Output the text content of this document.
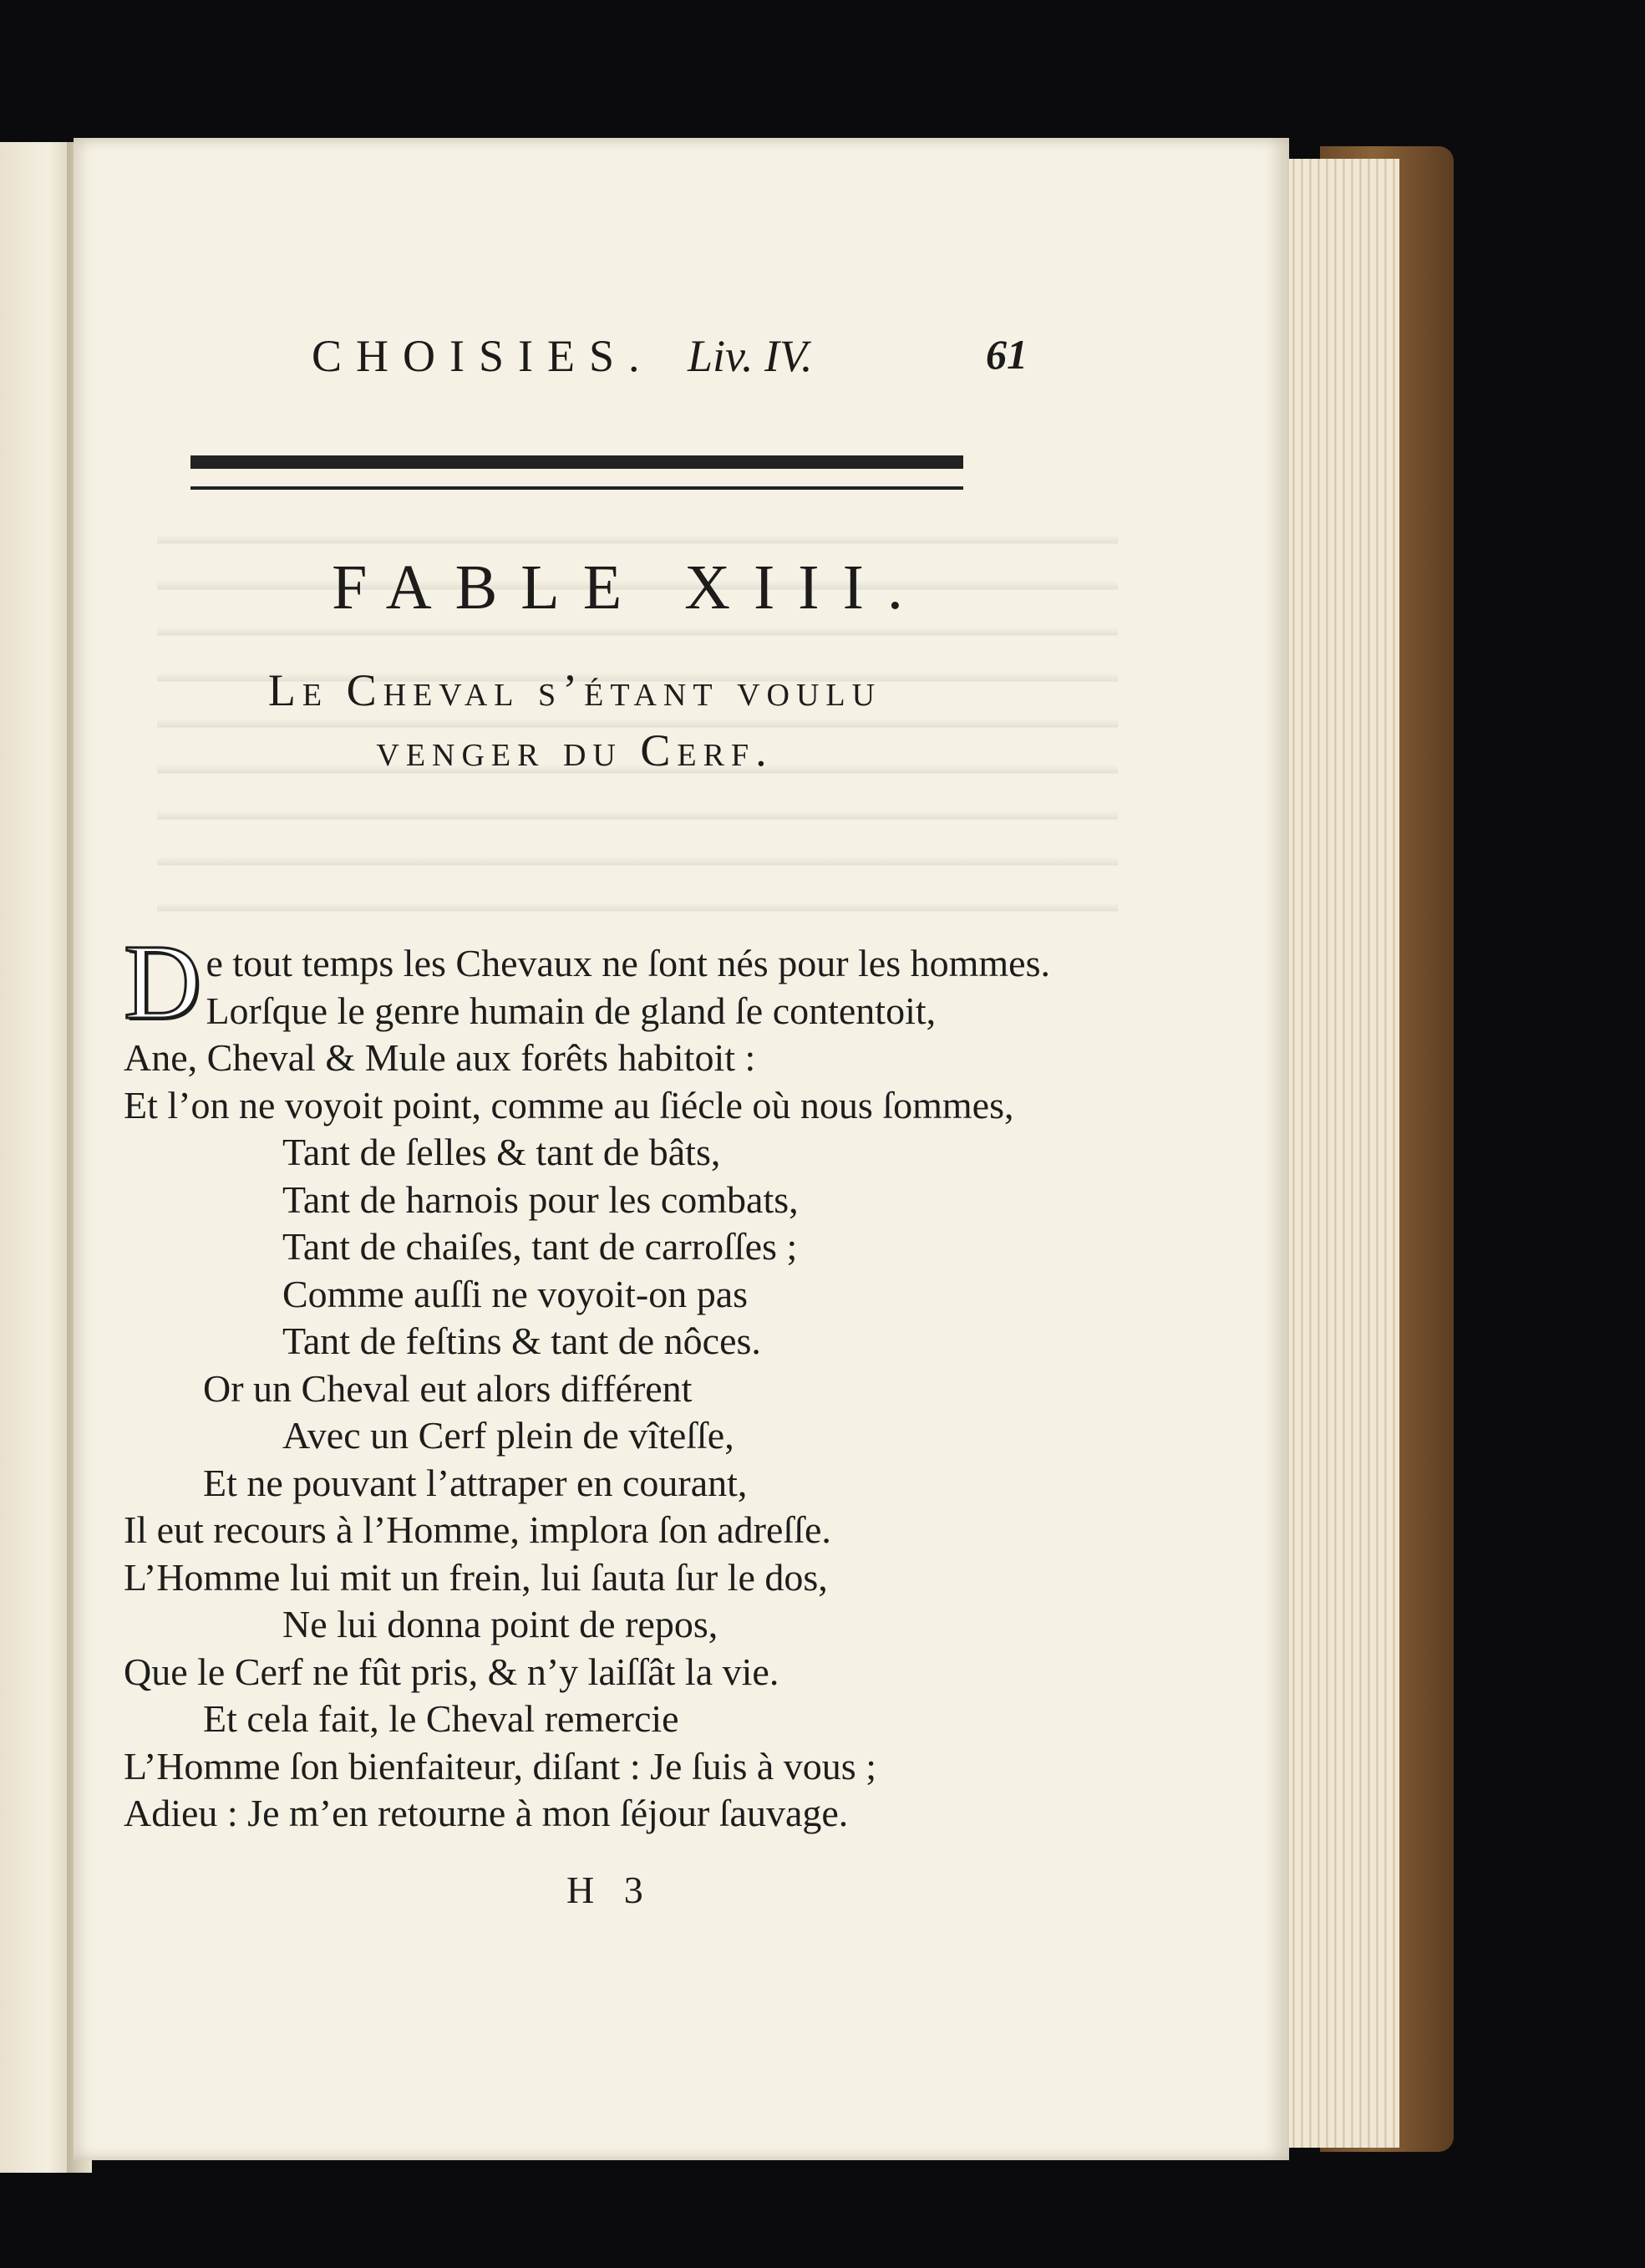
CHOISIES. Liv. IV.	61
FABLE XIII.
Le Cheval s’étant voulu
venger du Cerf.
D e tout temps les Chevaux ne ſont nés pour les hommes.
Lorſque le genre humain de gland ſe contentoit,
Ane, Cheval & Mule aux forêts habitoit :
Et l’on ne voyoit point, comme au ſiécle où nous ſommes,
Tant de ſelles & tant de bâts,
Tant de harnois pour les combats,
Tant de chaiſes, tant de carroſſes ;
Comme auſſi ne voyoit-on pas
Tant de feſtins & tant de nôces.
Or un Cheval eut alors différent
Avec un Cerf plein de vîteſſe,
Et ne pouvant l’attraper en courant,
Il eut recours à l’Homme, implora ſon adreſſe.
L’Homme lui mit un frein, lui ſauta ſur le dos,
Ne lui donna point de repos,
Que le Cerf ne fût pris, & n’y laiſſât la vie.
Et cela fait, le Cheval remercie
L’Homme ſon bienfaiteur, diſant : Je ſuis à vous ;
Adieu : Je m’en retourne à mon ſéjour ſauvage.
H 3
